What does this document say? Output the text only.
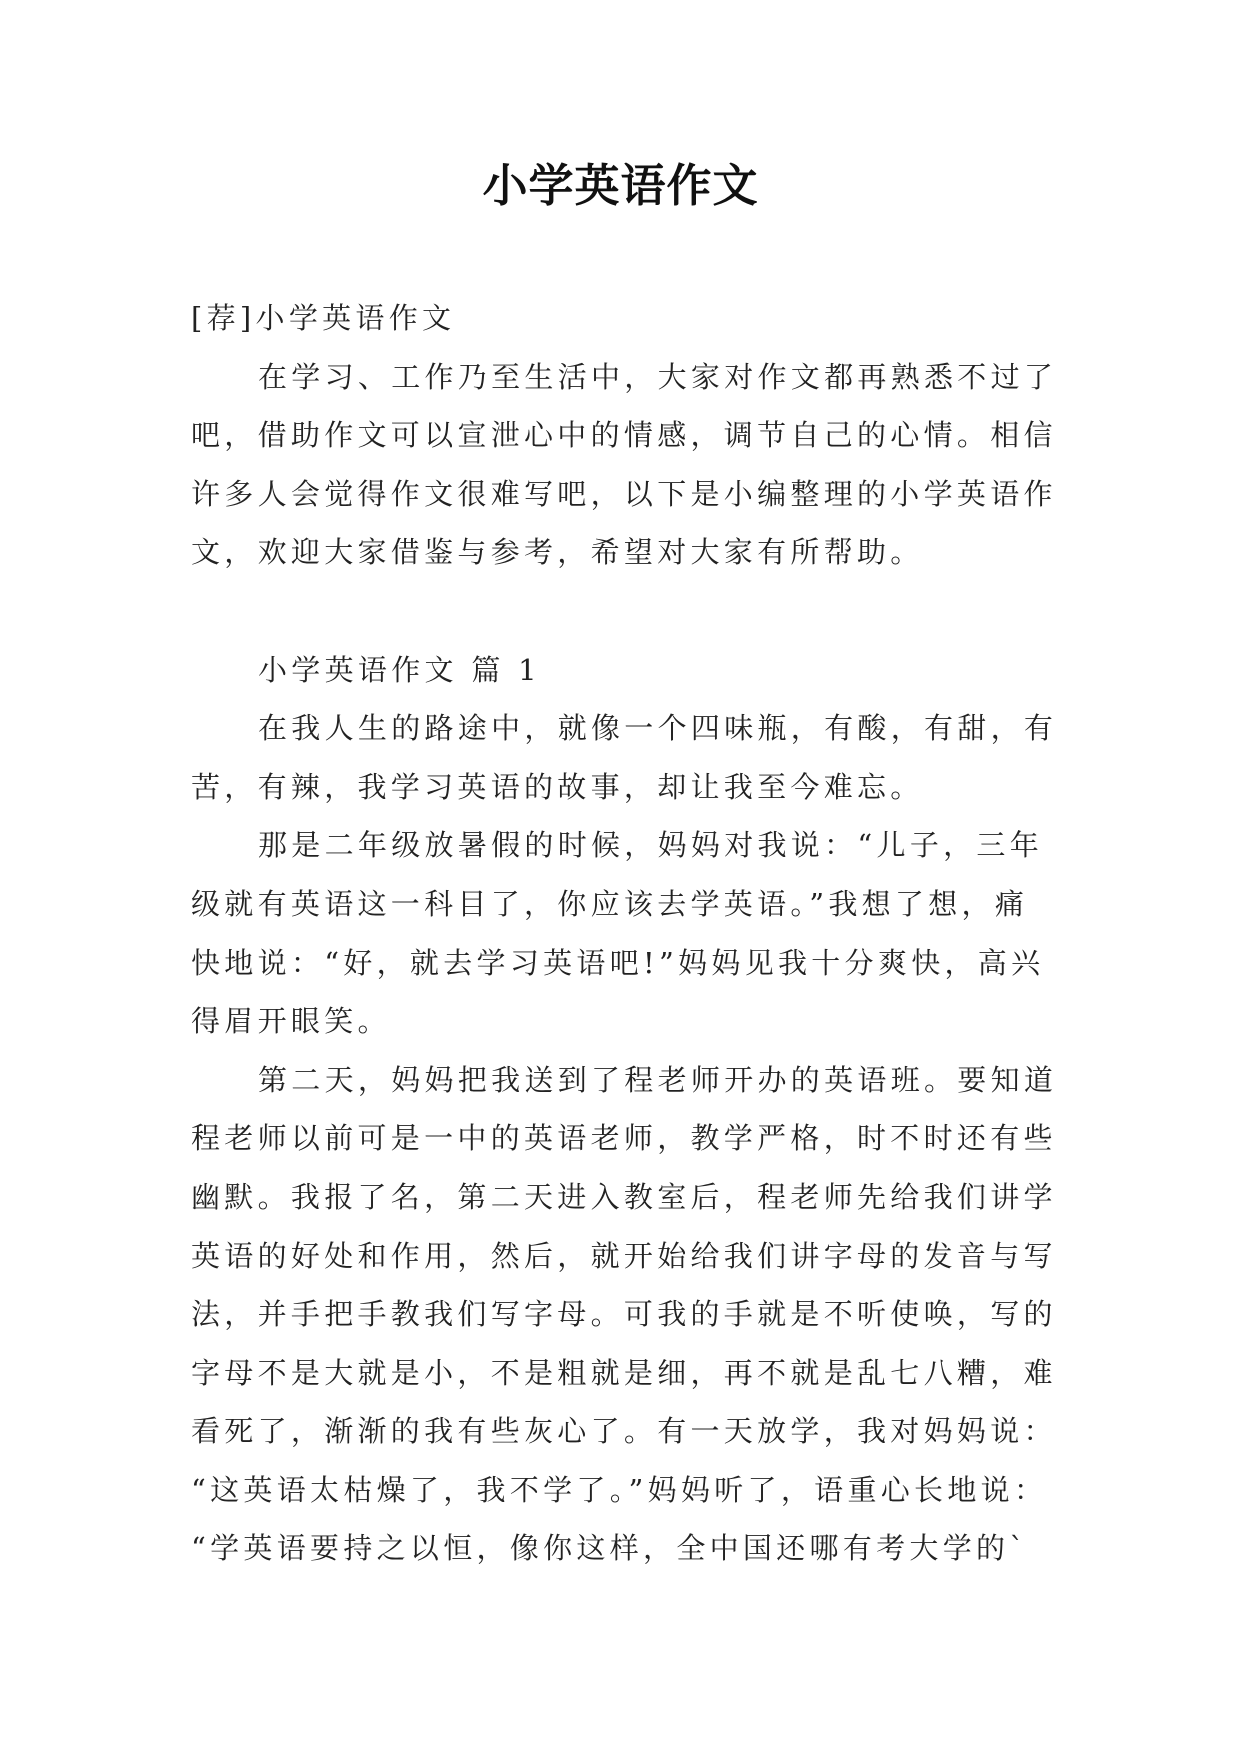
小学英语作文
[荐]小学英语作文
在学习、工作乃至生活中，大家对作文都再熟悉不过了
吧，借助作文可以宣泄心中的情感，调节自己的心情。相信
许多人会觉得作文很难写吧，以下是小编整理的小学英语作
文，欢迎大家借鉴与参考，希望对大家有所帮助。
小学英语作文 篇 1
在我人生的路途中，就像一个四味瓶，有酸，有甜，有
苦，有辣，我学习英语的故事，却让我至今难忘。
那是二年级放暑假的时候，妈妈对我说：“儿子，三年
级就有英语这一科目了，你应该去学英语。”我想了想，痛
快地说：“好，就去学习英语吧!”妈妈见我十分爽快，高兴
得眉开眼笑。
第二天，妈妈把我送到了程老师开办的英语班。要知道
程老师以前可是一中的英语老师，教学严格，时不时还有些
幽默。我报了名，第二天进入教室后，程老师先给我们讲学
英语的好处和作用，然后，就开始给我们讲字母的发音与写
法，并手把手教我们写字母。可我的手就是不听使唤，写的
字母不是大就是小，不是粗就是细，再不就是乱七八糟，难
看死了，渐渐的我有些灰心了。有一天放学，我对妈妈说：
“这英语太枯燥了，我不学了。”妈妈听了，语重心长地说：
“学英语要持之以恒，像你这样，全中国还哪有考大学的`
